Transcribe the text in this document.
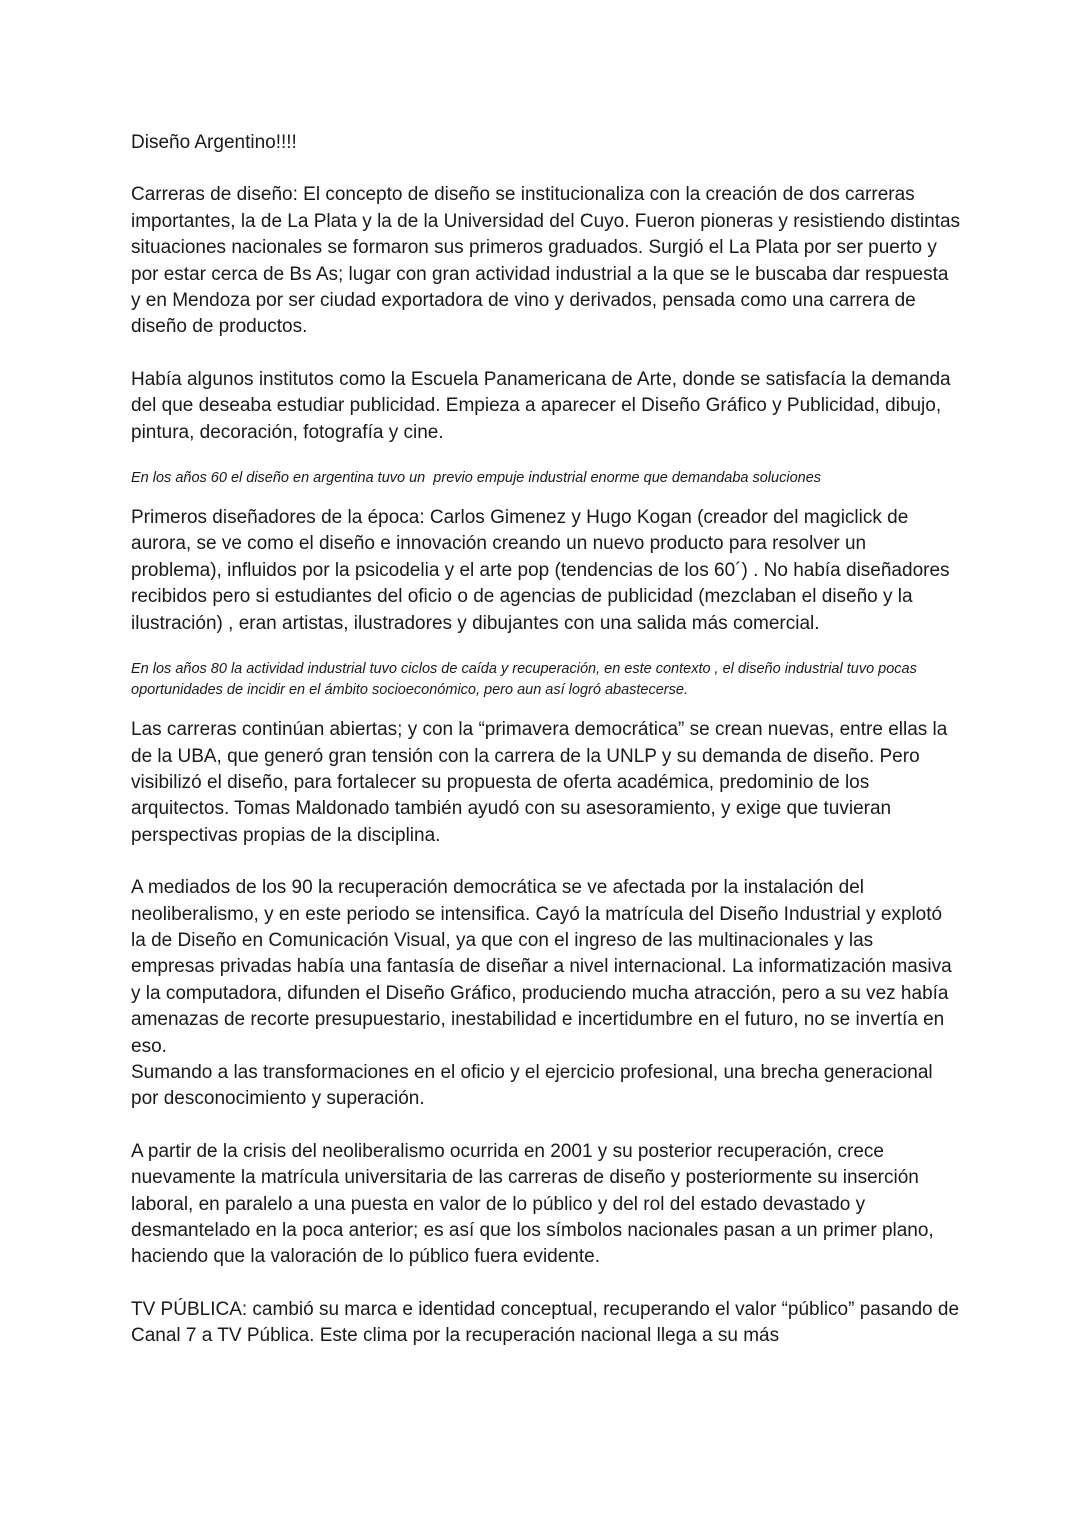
Diseño Argentino!!!!

Carreras de diseño: El concepto de diseño se institucionaliza con la creación de dos carreras importantes, la de La Plata y la de la Universidad del Cuyo. Fueron pioneras y resistiendo distintas situaciones nacionales se formaron sus primeros graduados. Surgió el La Plata por ser puerto y por estar cerca de Bs As; lugar con gran actividad industrial a la que se le buscaba dar respuesta  y en Mendoza por ser ciudad exportadora de vino y derivados, pensada como una carrera de diseño de productos.

Había algunos institutos como la Escuela Panamericana de Arte, donde se satisfacía la demanda del que deseaba estudiar publicidad. Empieza a aparecer el Diseño Gráfico y Publicidad, dibujo, pintura, decoración, fotografía y cine.

En los años 60 el diseño en argentina tuvo un  previo empuje industrial enorme que demandaba soluciones

Primeros diseñadores de la época: Carlos Gimenez y Hugo Kogan (creador del magiclick de aurora, se ve como el diseño e innovación creando un nuevo producto para resolver un problema), influidos por la psicodelia y el arte pop (tendencias de los 60´) . No había diseñadores recibidos pero si estudiantes del oficio o de agencias de publicidad (mezclaban el diseño y la ilustración) , eran artistas, ilustradores y dibujantes con una salida más comercial.

En los años 80 la actividad industrial tuvo ciclos de caída y recuperación, en este contexto , el diseño industrial tuvo pocas oportunidades de incidir en el ámbito socioeconómico, pero aun así logró abastecerse.

Las carreras continúan abiertas; y con la “primavera democrática” se crean nuevas, entre ellas la de la UBA, que generó gran tensión con la carrera de la UNLP y su demanda de diseño. Pero visibilizó el diseño, para fortalecer su propuesta de oferta académica, predominio de los arquitectos. Tomas Maldonado también ayudó con su asesoramiento, y exige que tuvieran perspectivas propias de la disciplina.

A mediados de los 90 la recuperación democrática se ve afectada por la instalación del neoliberalismo, y en este periodo se intensifica. Cayó la matrícula del Diseño Industrial y explotó la de Diseño en Comunicación Visual, ya que con el ingreso de las multinacionales y las empresas privadas había una fantasía de diseñar a nivel internacional. La informatización masiva y la computadora, difunden el Diseño Gráfico, produciendo mucha atracción, pero a su vez había amenazas de recorte presupuestario, inestabilidad e incertidumbre en el futuro, no se invertía en eso.

Sumando a las transformaciones en el oficio y el ejercicio profesional, una brecha generacional por desconocimiento y superación.

A partir de la crisis del neoliberalismo ocurrida en 2001 y su posterior recuperación, crece nuevamente la matrícula universitaria de las carreras de diseño y posteriormente su inserción laboral, en paralelo a una puesta en valor de lo público y del rol del estado devastado y desmantelado en la poca anterior; es así que los símbolos nacionales pasan a un primer plano, haciendo que la valoración de lo público fuera evidente.

TV PÚBLICA: cambió su marca e identidad conceptual, recuperando el valor “público” pasando de Canal 7 a TV Pública. Este clima por la recuperación nacional llega a su más
